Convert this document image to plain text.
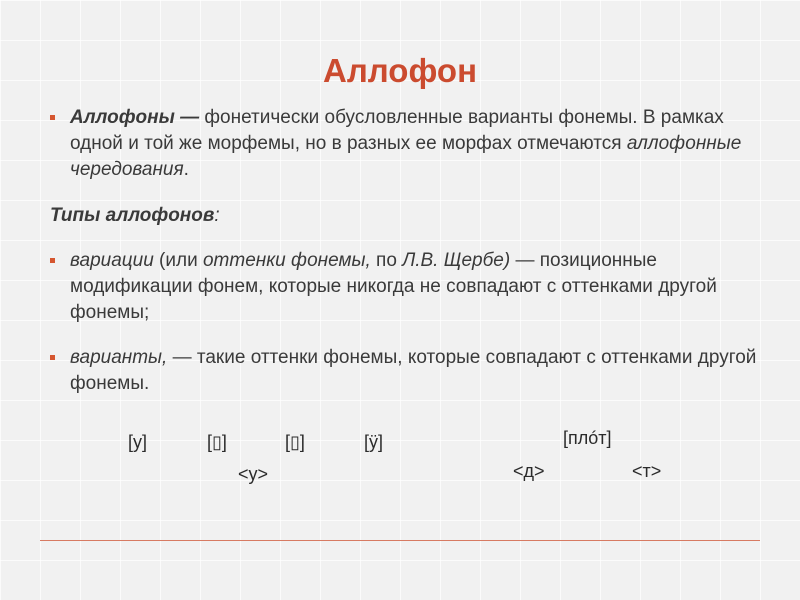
Аллофон
Аллофоны — фонетически обусловленные варианты фонемы. В рамках одной и той же морфемы, но в разных ее морфах отмечаются аллофонные чередования.
Типы аллофонов:
вариации (или оттенки фонемы, по Л.В. Щербе) — позиционные модификации фонем, которые никогда не совпадают с оттенками другой фонемы;
варианты, — такие оттенки фонемы, которые совпадают с оттенками другой фонемы.
[у]	[▯]	[▯]	[ӱ]
<у>
[плóт]
<д>	<т>
